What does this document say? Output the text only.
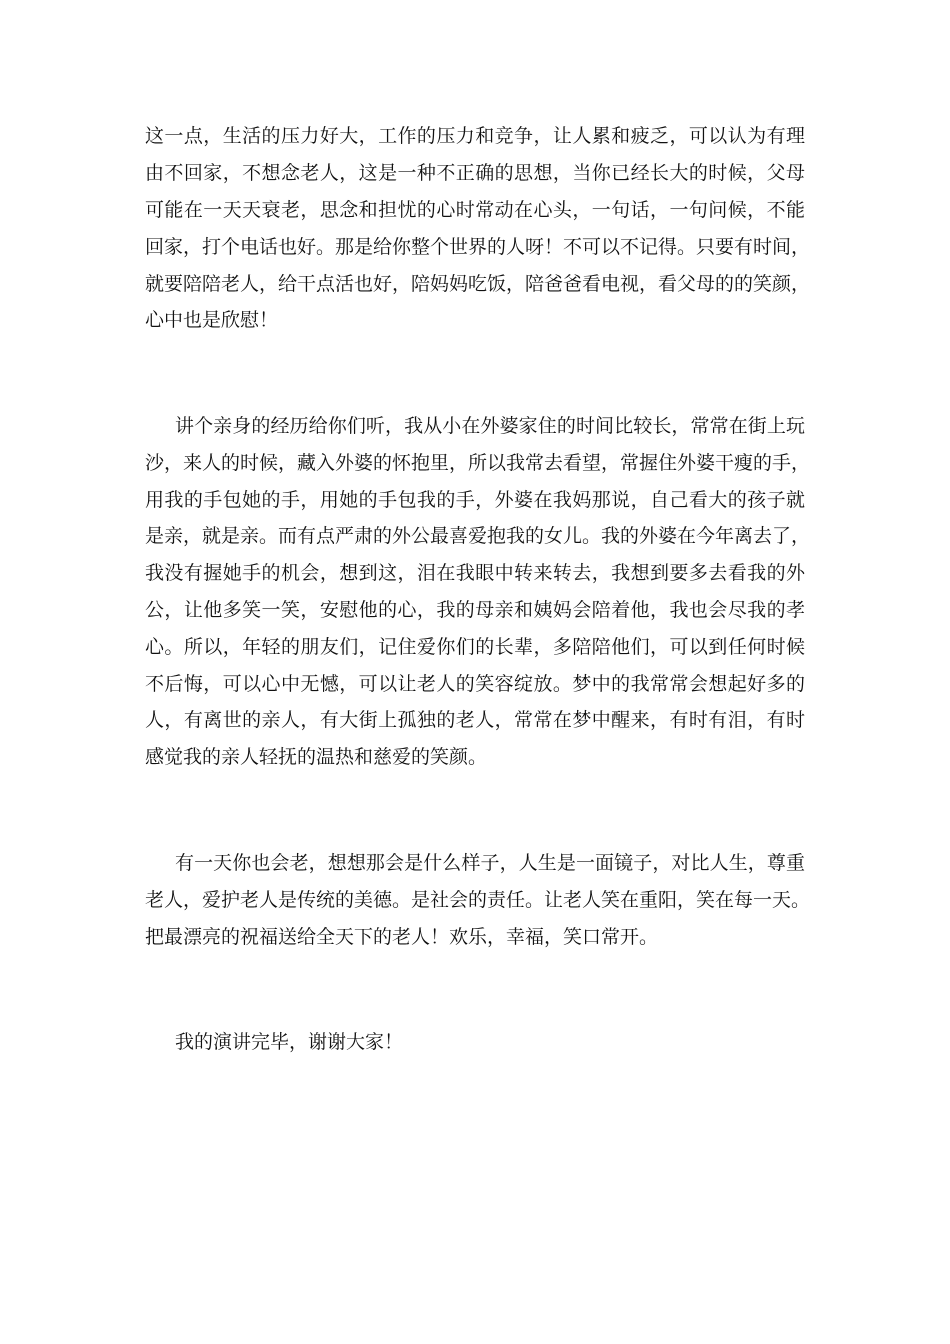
这一点，生活的压力好大，工作的压力和竞争，让人累和疲乏，可以认为有理

由不回家，不想念老人，这是一种不正确的思想，当你已经长大的时候，父母

可能在一天天衰老，思念和担忧的心时常动在心头，一句话，一句问候，不能

回家，打个电话也好。那是给你整个世界的人呀！不可以不记得。只要有时间，

就要陪陪老人，给干点活也好，陪妈妈吃饭，陪爸爸看电视，看父母的的笑颜，

心中也是欣慰！

讲个亲身的经历给你们听，我从小在外婆家住的时间比较长，常常在街上玩

沙，来人的时候，藏入外婆的怀抱里，所以我常去看望，常握住外婆干瘦的手，

用我的手包她的手，用她的手包我的手，外婆在我妈那说，自己看大的孩子就

是亲，就是亲。而有点严肃的外公最喜爱抱我的女儿。我的外婆在今年离去了，

我没有握她手的机会，想到这，泪在我眼中转来转去，我想到要多去看我的外

公，让他多笑一笑，安慰他的心，我的母亲和姨妈会陪着他，我也会尽我的孝

心。所以，年轻的朋友们，记住爱你们的长辈，多陪陪他们，可以到任何时候

不后悔，可以心中无憾，可以让老人的笑容绽放。梦中的我常常会想起好多的

人，有离世的亲人，有大街上孤独的老人，常常在梦中醒来，有时有泪，有时

感觉我的亲人轻抚的温热和慈爱的笑颜。

有一天你也会老，想想那会是什么样子，人生是一面镜子，对比人生，尊重

老人，爱护老人是传统的美德。是社会的责任。让老人笑在重阳，笑在每一天。

把最漂亮的祝福送给全天下的老人！欢乐，幸福，笑口常开。

我的演讲完毕，谢谢大家！
